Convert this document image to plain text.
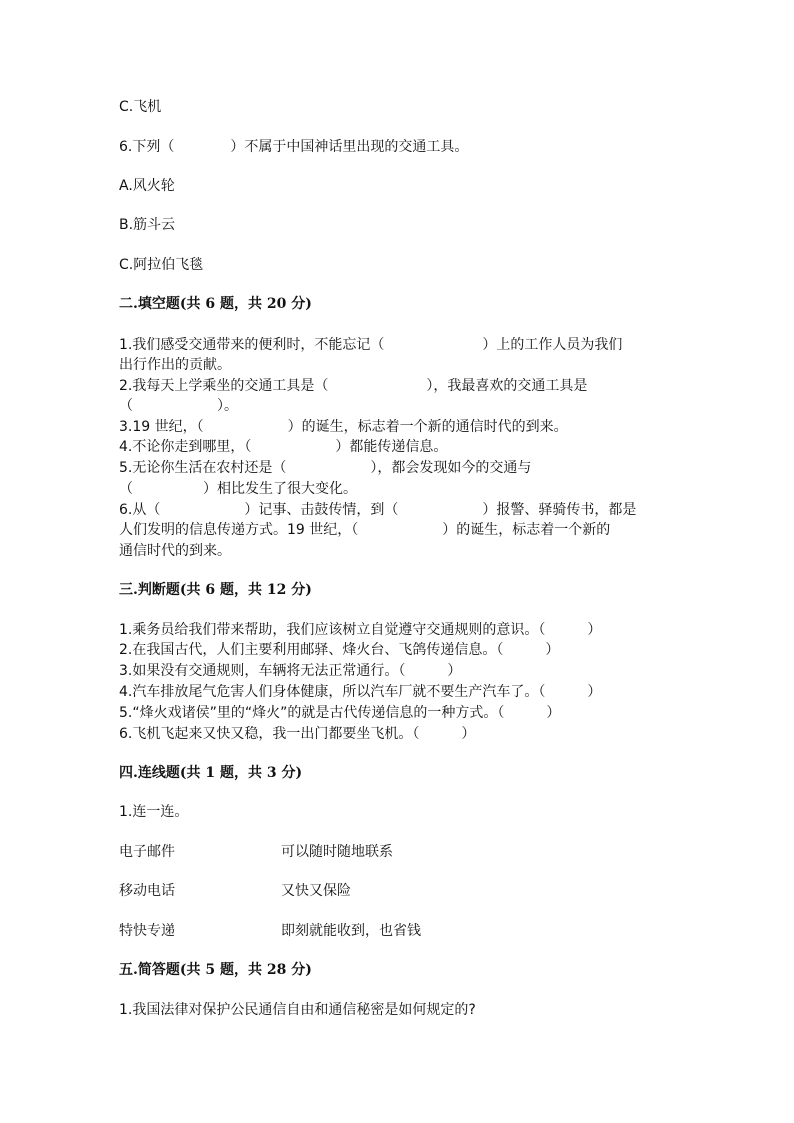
C.飞机
6.下列（　　　　）不属于中国神话里出现的交通工具。
A.风火轮
B.筋斗云
C.阿拉伯飞毯
二.填空题(共 6 题，共 20 分)
1.我们感受交通带来的便利时，不能忘记（　　　　　　　）上的工作人员为我们
出行作出的贡献。
2.我每天上学乘坐的交通工具是（　　　　　　　），我最喜欢的交通工具是
（　　　　　　）。
3.19 世纪，（　　　　　　）的诞生，标志着一个新的通信时代的到来。
4.不论你走到哪里，（　　　　　　）都能传递信息。
5.无论你生活在农村还是（　　　　　　），都会发现如今的交通与
（　　　　　）相比发生了很大变化。
6.从（　　　　　　）记事、击鼓传情，到（　　　　　　）报警、驿骑传书，都是
人们发明的信息传递方式。19 世纪，（　　　　　　）的诞生，标志着一个新的
通信时代的到来。
三.判断题(共 6 题，共 12 分)
1.乘务员给我们带来帮助，我们应该树立自觉遵守交通规则的意识。（　　　）
2.在我国古代，人们主要利用邮驿、烽火台、飞鸽传递信息。（　　　）
3.如果没有交通规则，车辆将无法正常通行。（　　　）
4.汽车排放尾气危害人们身体健康，所以汽车厂就不要生产汽车了。（　　　）
5.“烽火戏诸侯”里的“烽火”的就是古代传递信息的一种方式。（　　　）
6.飞机飞起来又快又稳，我一出门都要坐飞机。（　　　）
四.连线题(共 1 题，共 3 分)
1.连一连。
电子邮件	可以随时随地联系
移动电话	又快又保险
特快专递	即刻就能收到，也省钱
五.简答题(共 5 题，共 28 分)
1.我国法律对保护公民通信自由和通信秘密是如何规定的?
